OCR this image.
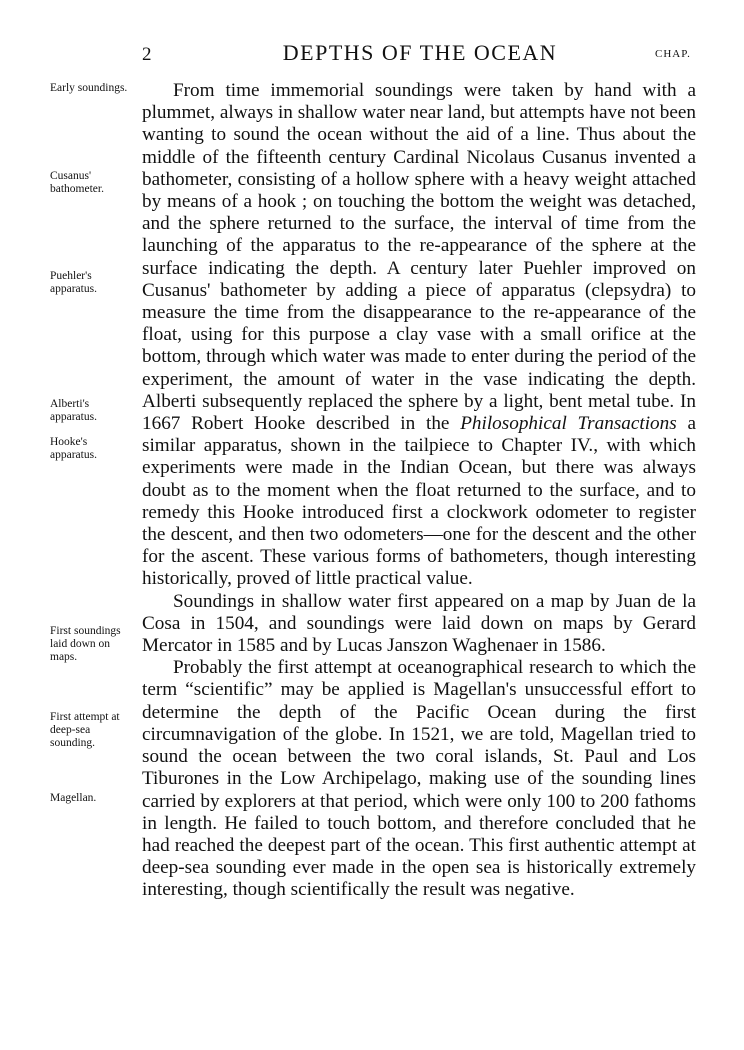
2	DEPTHS OF THE OCEAN	CHAP.
Early soundings.
Cusanus' bathometer.
Puehler's apparatus.
Alberti's apparatus.
Hooke's apparatus.
First soundings laid down on maps.
First attempt at deep-sea sounding.
Magellan.

From time immemorial soundings were taken by hand with a plummet, always in shallow water near land, but attempts have not been wanting to sound the ocean without the aid of a line. Thus about the middle of the fifteenth century Cardinal Nicolaus Cusanus invented a bathometer, consisting of a hollow sphere with a heavy weight attached by means of a hook ; on touching the bottom the weight was detached, and the sphere returned to the surface, the interval of time from the launching of the apparatus to the re-appearance of the sphere at the surface indicating the depth. A century later Puehler improved on Cusanus' bathometer by adding a piece of apparatus (clepsydra) to measure the time from the disappearance to the re-appearance of the float, using for this purpose a clay vase with a small orifice at the bottom, through which water was made to enter during the period of the experiment, the amount of water in the vase indicating the depth. Alberti subsequently replaced the sphere by a light, bent metal tube. In 1667 Robert Hooke described in the Philosophical Transactions a similar apparatus, shown in the tailpiece to Chapter IV., with which experiments were made in the Indian Ocean, but there was always doubt as to the moment when the float returned to the surface, and to remedy this Hooke introduced first a clockwork odometer to register the descent, and then two odometers—one for the descent and the other for the ascent. These various forms of bathometers, though interesting historically, proved of little practical value.

Soundings in shallow water first appeared on a map by Juan de la Cosa in 1504, and soundings were laid down on maps by Gerard Mercator in 1585 and by Lucas Janszon Waghenaer in 1586.

Probably the first attempt at oceanographical research to which the term “scientific” may be applied is Magellan's unsuccessful effort to determine the depth of the Pacific Ocean during the first circumnavigation of the globe. In 1521, we are told, Magellan tried to sound the ocean between the two coral islands, St. Paul and Los Tiburones in the Low Archipelago, making use of the sounding lines carried by explorers at that period, which were only 100 to 200 fathoms in length. He failed to touch bottom, and therefore concluded that he had reached the deepest part of the ocean. This first authentic attempt at deep-sea sounding ever made in the open sea is historically extremely interesting, though scientifically the result was negative.
